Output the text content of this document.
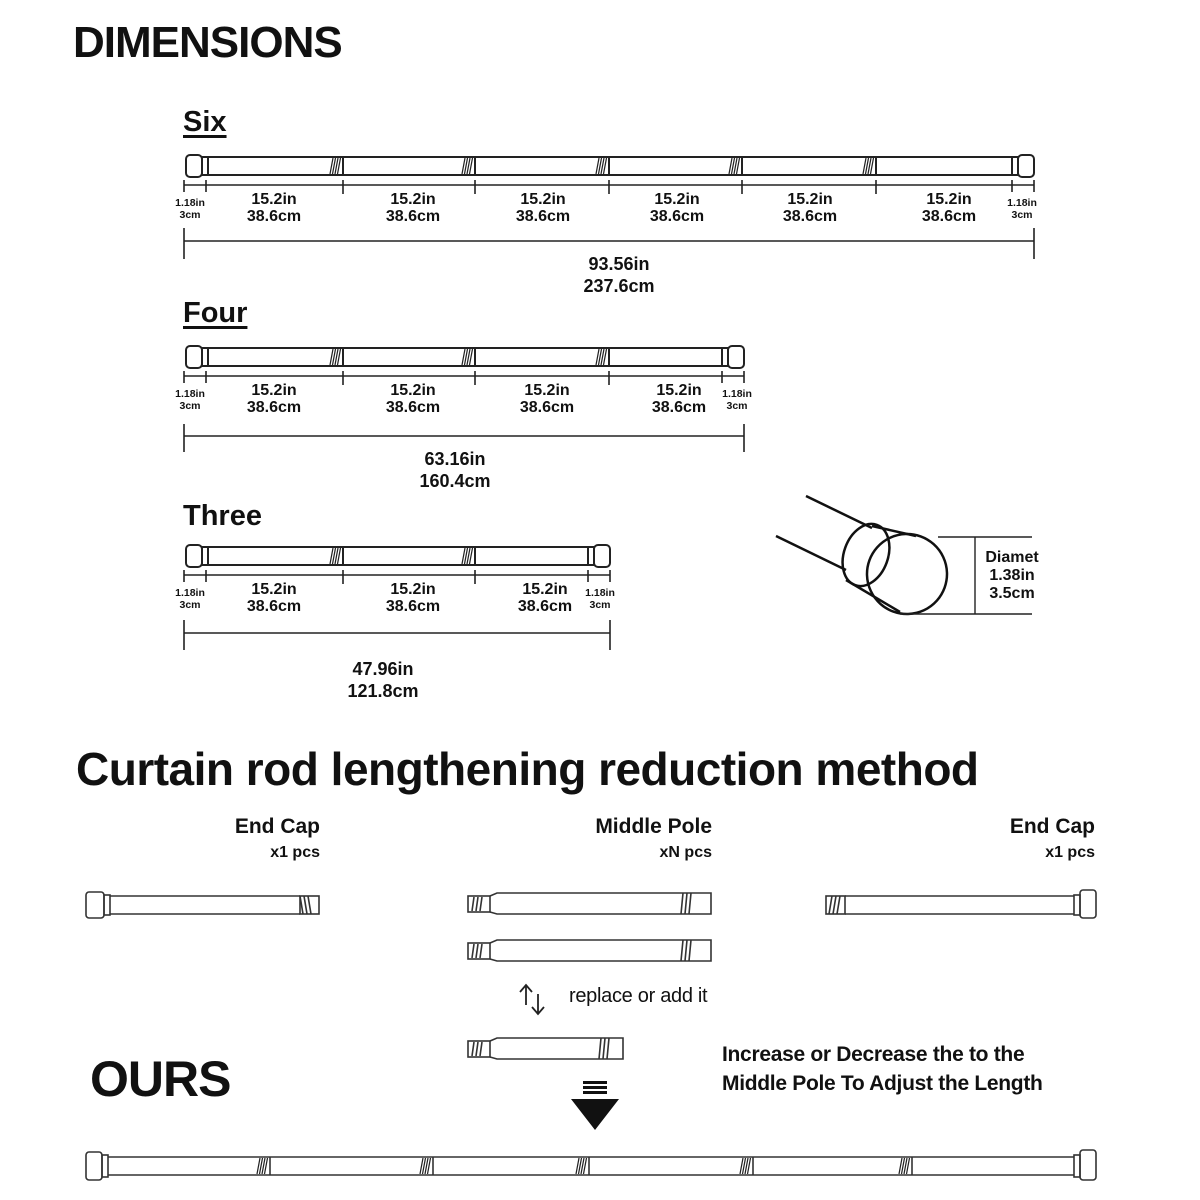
DIMENSIONS
Six
1.18in
3cm
15.2in
38.6cm
15.2in
38.6cm
15.2in
38.6cm
15.2in
38.6cm
15.2in
38.6cm
15.2in
38.6cm
1.18in
3cm
93.56in
237.6cm
Four
1.18in
3cm
15.2in
38.6cm
15.2in
38.6cm
15.2in
38.6cm
15.2in
38.6cm
1.18in
3cm
63.16in
160.4cm
Three
1.18in
3cm
15.2in
38.6cm
15.2in
38.6cm
15.2in
38.6cm
1.18in
3cm
47.96in
121.8cm
Diamet
1.38in
3.5cm
Curtain rod lengthening reduction method
End Cap
x1 pcs
Middle Pole
xN pcs
End Cap
x1 pcs
replace or add it
Increase or Decrease the to the
Middle Pole To Adjust the Length
OURS
